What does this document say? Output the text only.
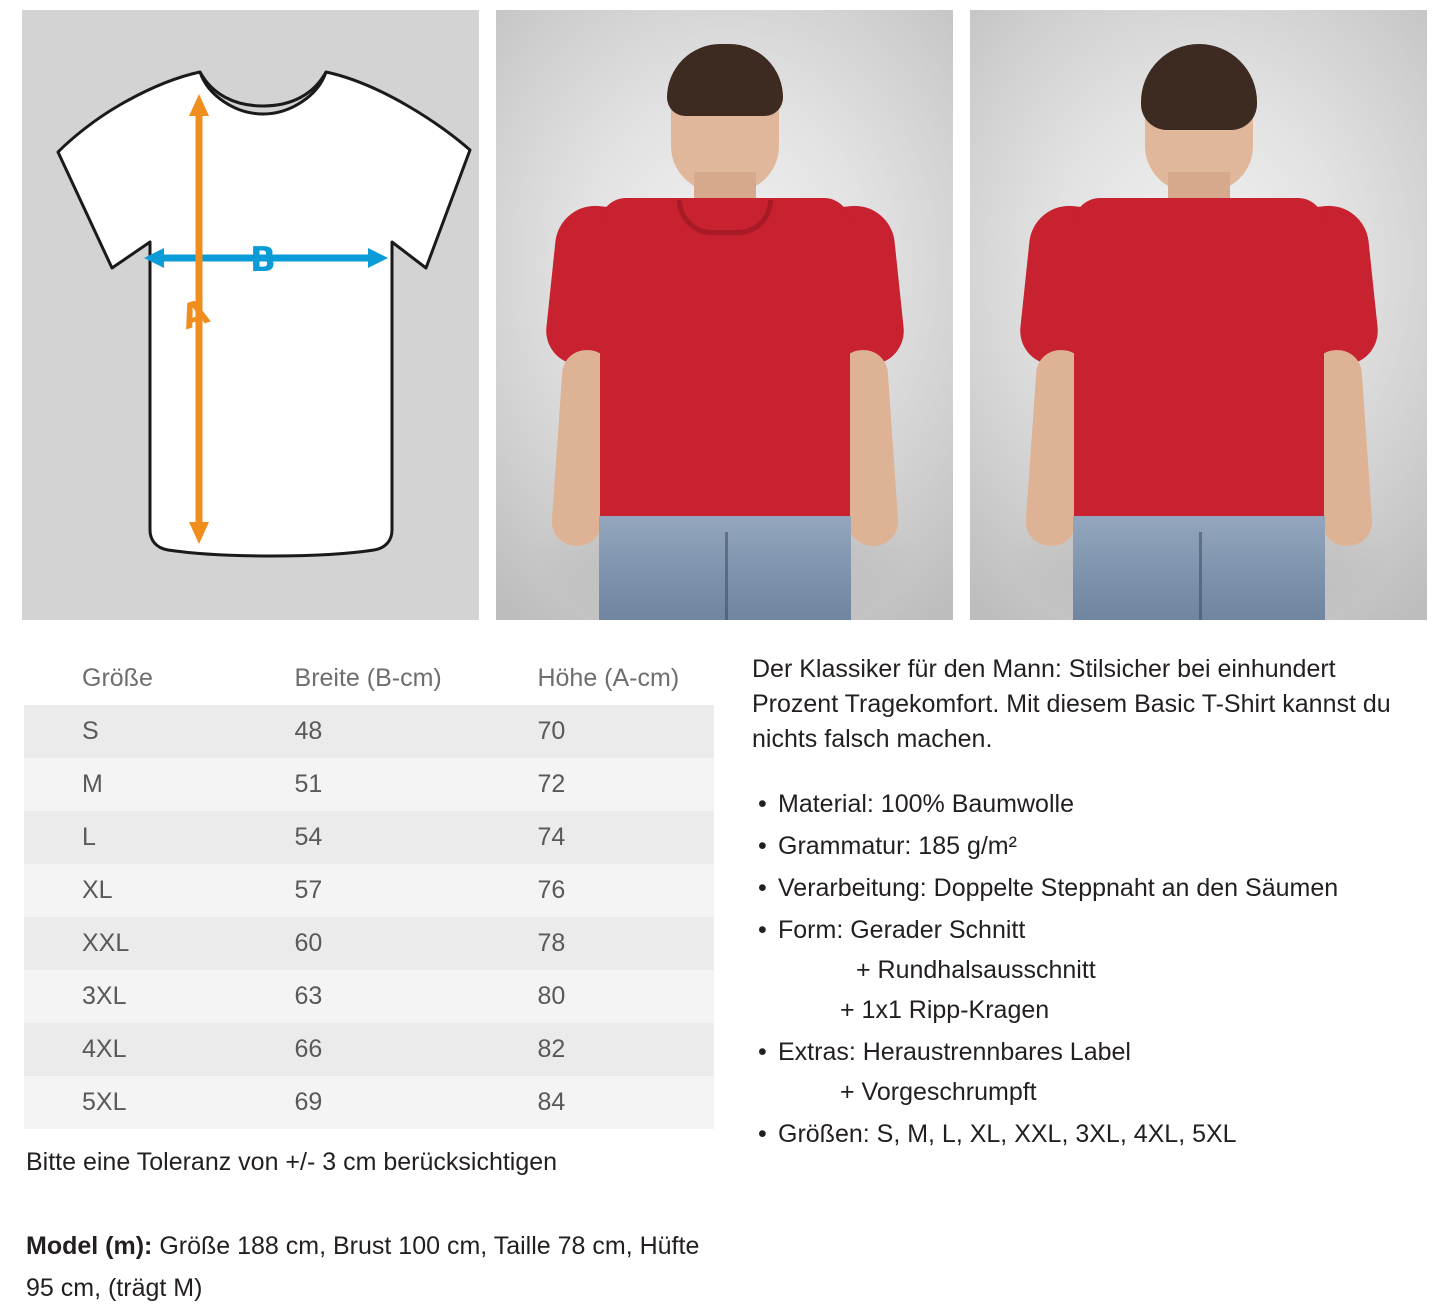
B
A
Größe	Breite (B-cm)	Höhe (A-cm)
S	48	70
M	51	72
L	54	74
XL	57	76
XXL	60	78
3XL	63	80
4XL	66	82
5XL	69	84
Bitte eine Toleranz von +/- 3 cm berücksichtigen
Model (m): Größe 188 cm, Brust 100 cm, Taille 78 cm, Hüfte 95 cm, (trägt M)

Der Klassiker für den Mann: Stilsicher bei einhundert Prozent Tragekomfort. Mit diesem Basic T-Shirt kannst du nichts falsch machen.

• Material: 100% Baumwolle
• Grammatur: 185 g/m²
• Verarbeitung: Doppelte Steppnaht an den Säumen
• Form: Gerader Schnitt
+ Rundhalsausschnitt
+ 1x1 Ripp-Kragen
• Extras: Heraustrennbares Label
+ Vorgeschrumpft
• Größen: S, M, L, XL, XXL, 3XL, 4XL, 5XL
